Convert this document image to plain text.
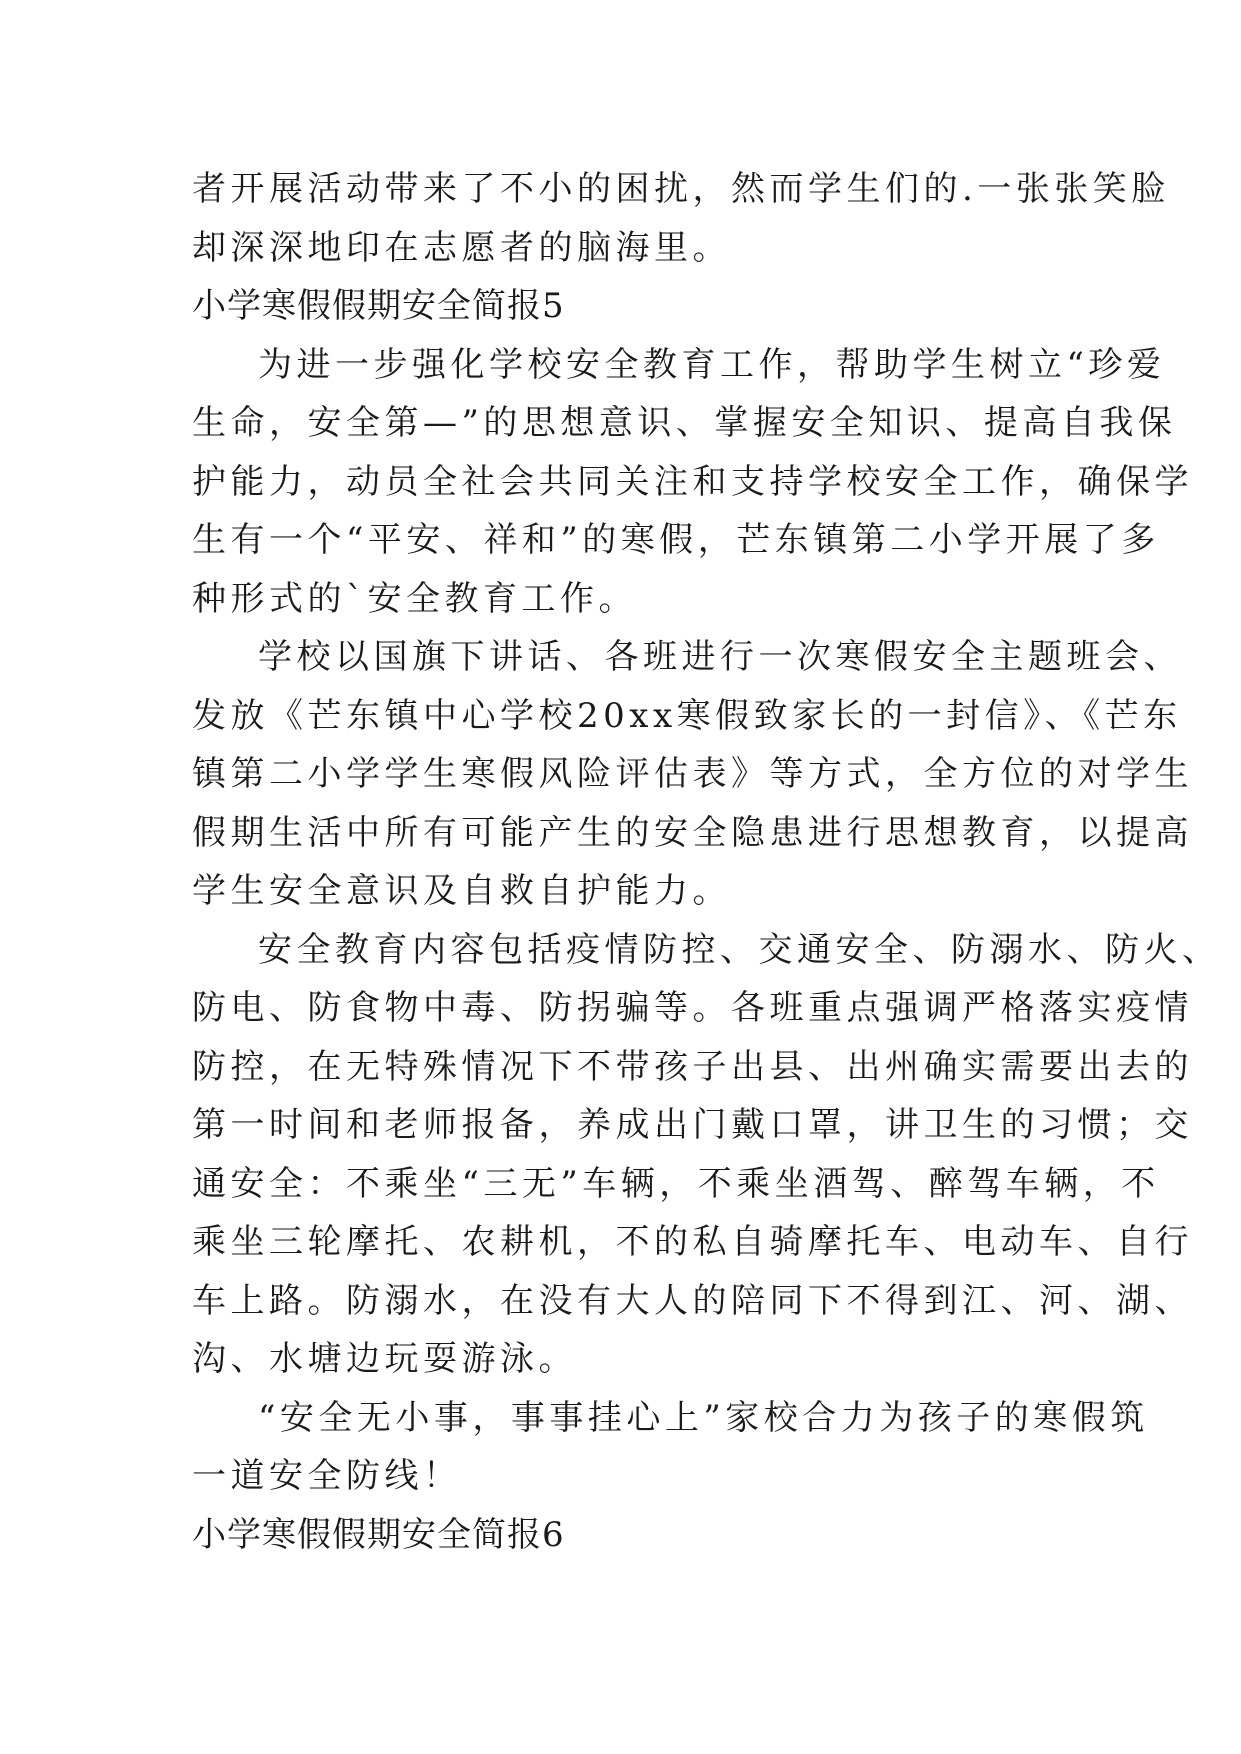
者开展活动带来了不小的困扰，然而学生们的.一张张笑脸
却深深地印在志愿者的脑海里。
小学寒假假期安全简报5
为进一步强化学校安全教育工作，帮助学生树立“珍爱
生命，安全第—”的思想意识、掌握安全知识、提高自我保
护能力，动员全社会共同关注和支持学校安全工作，确保学
生有一个“平安、祥和”的寒假，芒东镇第二小学开展了多
种形式的`安全教育工作。
学校以国旗下讲话、各班进行一次寒假安全主题班会、
发放《芒东镇中心学校20xx寒假致家长的一封信》、《芒东
镇第二小学学生寒假风险评估表》等方式，全方位的对学生
假期生活中所有可能产生的安全隐患进行思想教育，以提高
学生安全意识及自救自护能力。
安全教育内容包括疫情防控、交通安全、防溺水、防火、
防电、防食物中毒、防拐骗等。各班重点强调严格落实疫情
防控，在无特殊情况下不带孩子出县、出州确实需要出去的
第一时间和老师报备，养成出门戴口罩，讲卫生的习惯；交
通安全：不乘坐“三无”车辆，不乘坐酒驾、醉驾车辆，不
乘坐三轮摩托、农耕机，不的私自骑摩托车、电动车、自行
车上路。防溺水，在没有大人的陪同下不得到江、河、湖、
沟、水塘边玩耍游泳。
“安全无小事，事事挂心上”家校合力为孩子的寒假筑
一道安全防线！
小学寒假假期安全简报6
